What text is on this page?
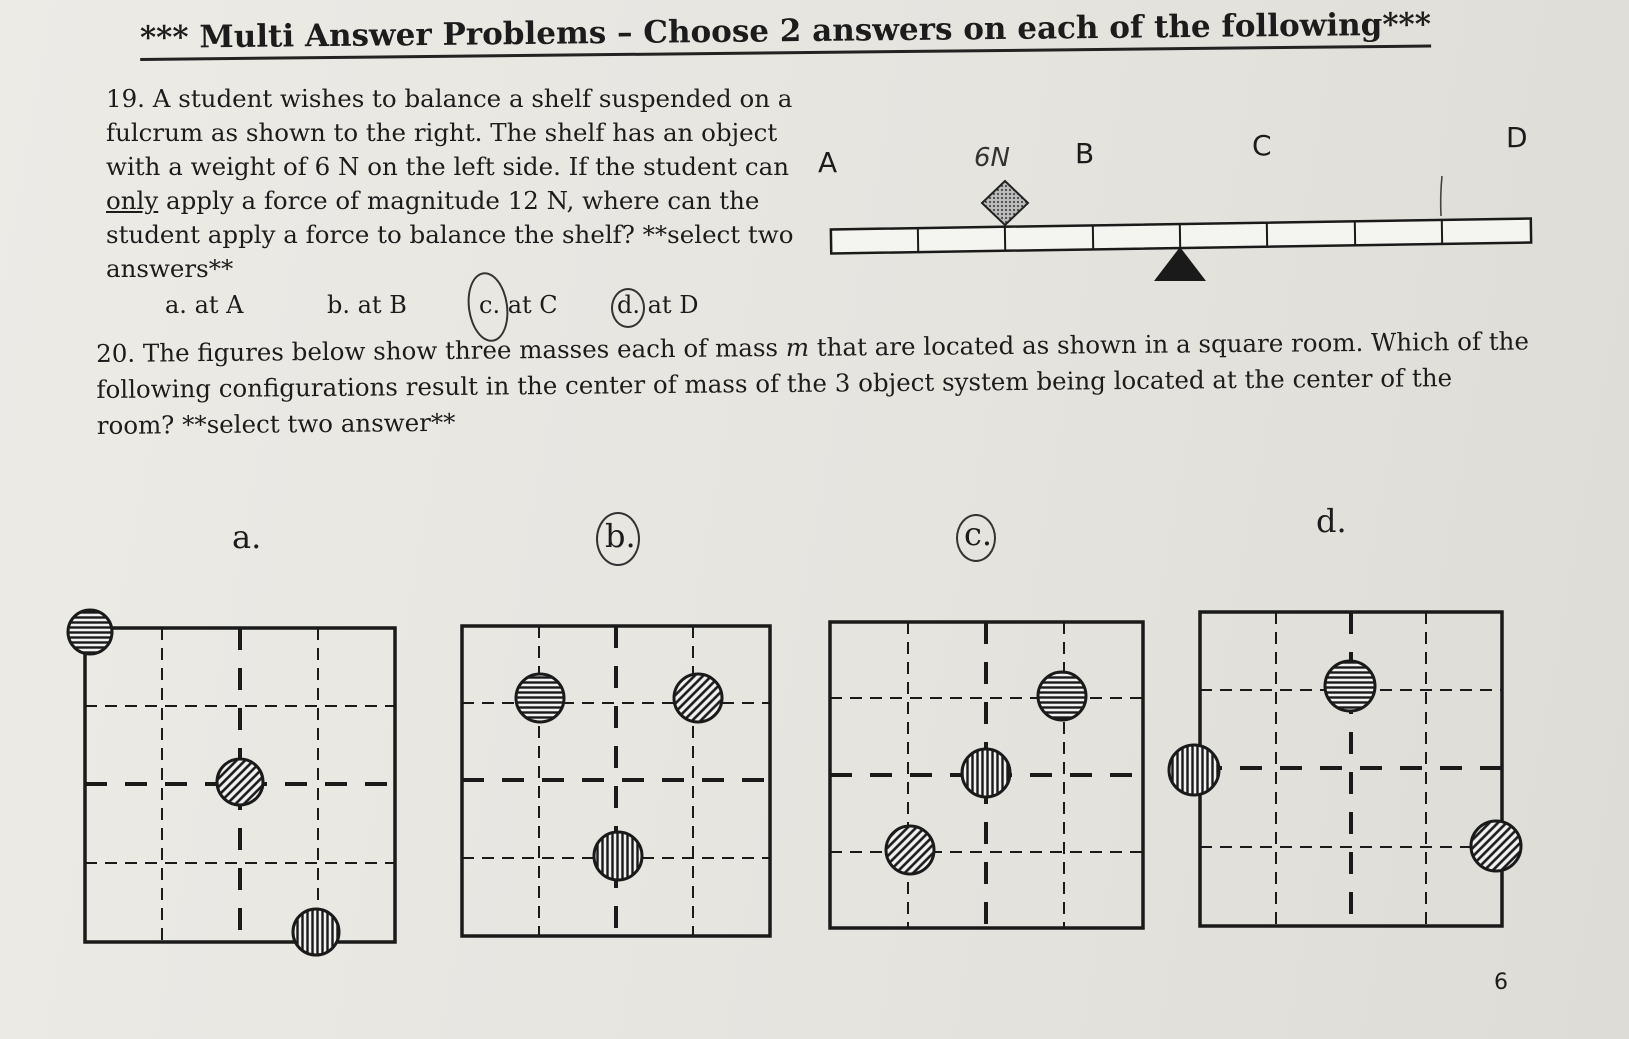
*** Multi Answer Problems – Choose 2 answers on each of the following***
19. A student wishes to balance a shelf suspended on a fulcrum as shown to the right. The shelf has an object with a weight of 6 N on the left side. If the student can only apply a force of magnitude 12 N, where can the student apply a force to balance the shelf? **select two answers**
a. at A	b. at B	c. at C d. at D
20. The figures below show three masses each of mass m that are located as shown in a square room. Which of the following configurations result in the center of mass of the 3 object system being located at the center of the room? **select two answer**
a.	b.	c.	d.
6
A	6N B	C	D
